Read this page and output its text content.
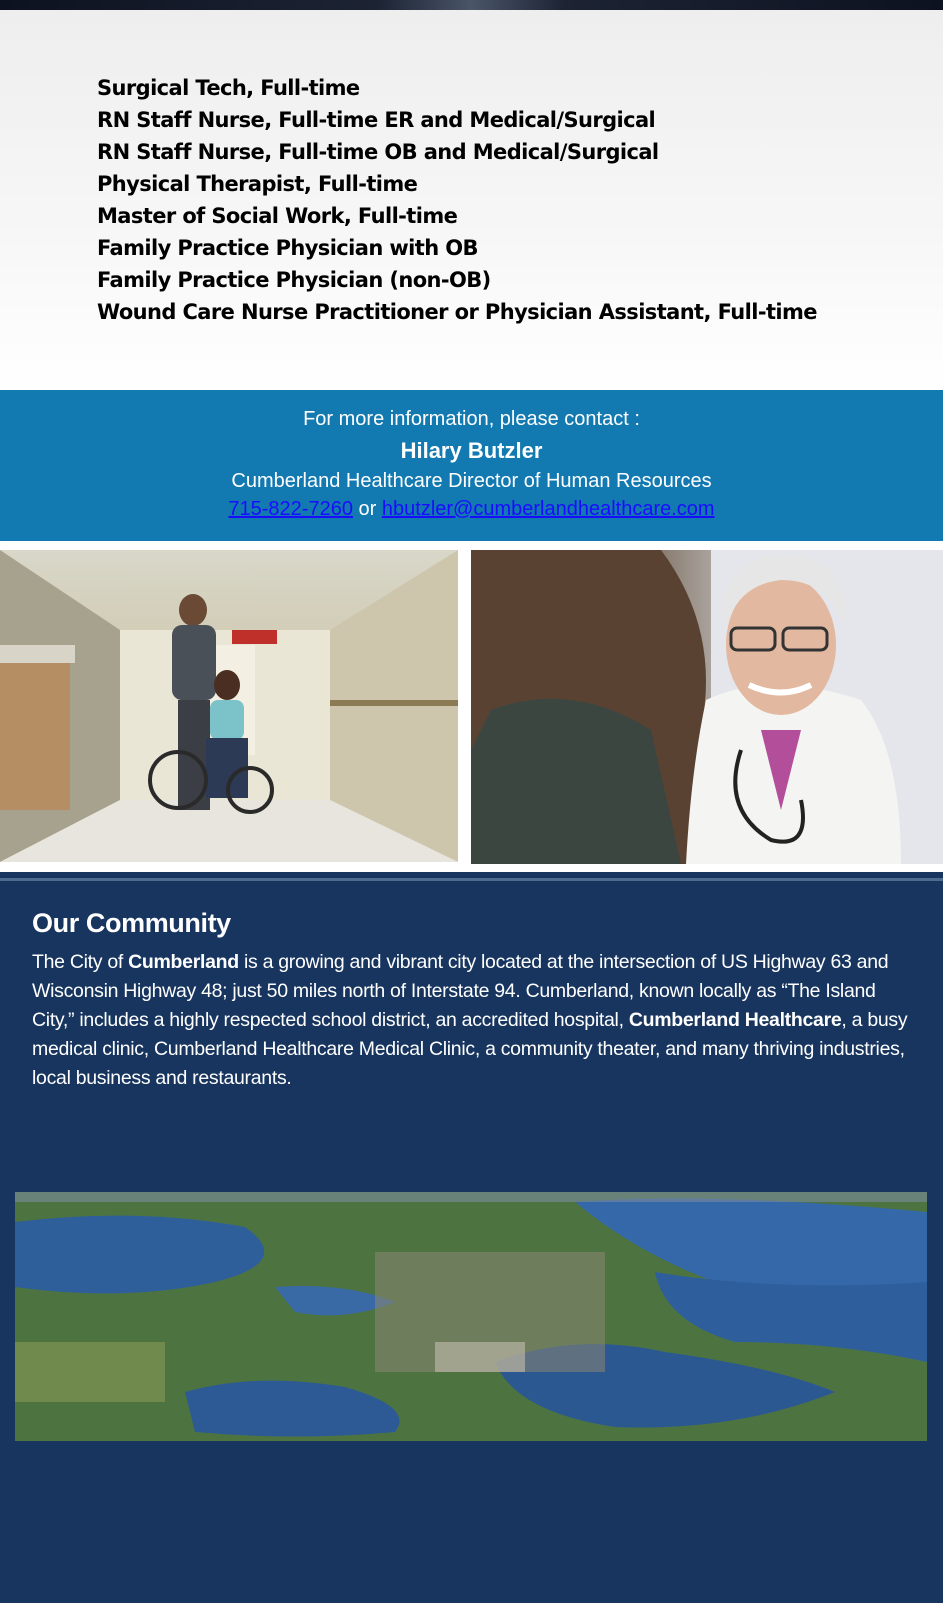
Surgical Tech, Full-time
RN Staff Nurse, Full-time ER and Medical/Surgical
RN Staff Nurse, Full-time OB and Medical/Surgical
Physical Therapist, Full-time
Master of Social Work, Full-time
Family Practice Physician with OB
Family Practice Physician (non-OB)
Wound Care Nurse Practitioner or Physician Assistant, Full-time
For more information, please contact :
Hilary Butzler
Cumberland Healthcare Director of Human Resources
715-822-7260 or hbutzler@cumberlandhealthcare.com
Our Community

The City of Cumberland is a growing and vibrant city located at the intersection of US Highway 63 and Wisconsin Highway 48; just 50 miles north of Interstate 94. Cumberland, known locally as “The Island City,” includes a highly respected school district, an accredited hospital, Cumberland Healthcare, a busy medical clinic, Cumberland Healthcare Medical Clinic, a community theater, and many thriving industries, local business and restaurants.
